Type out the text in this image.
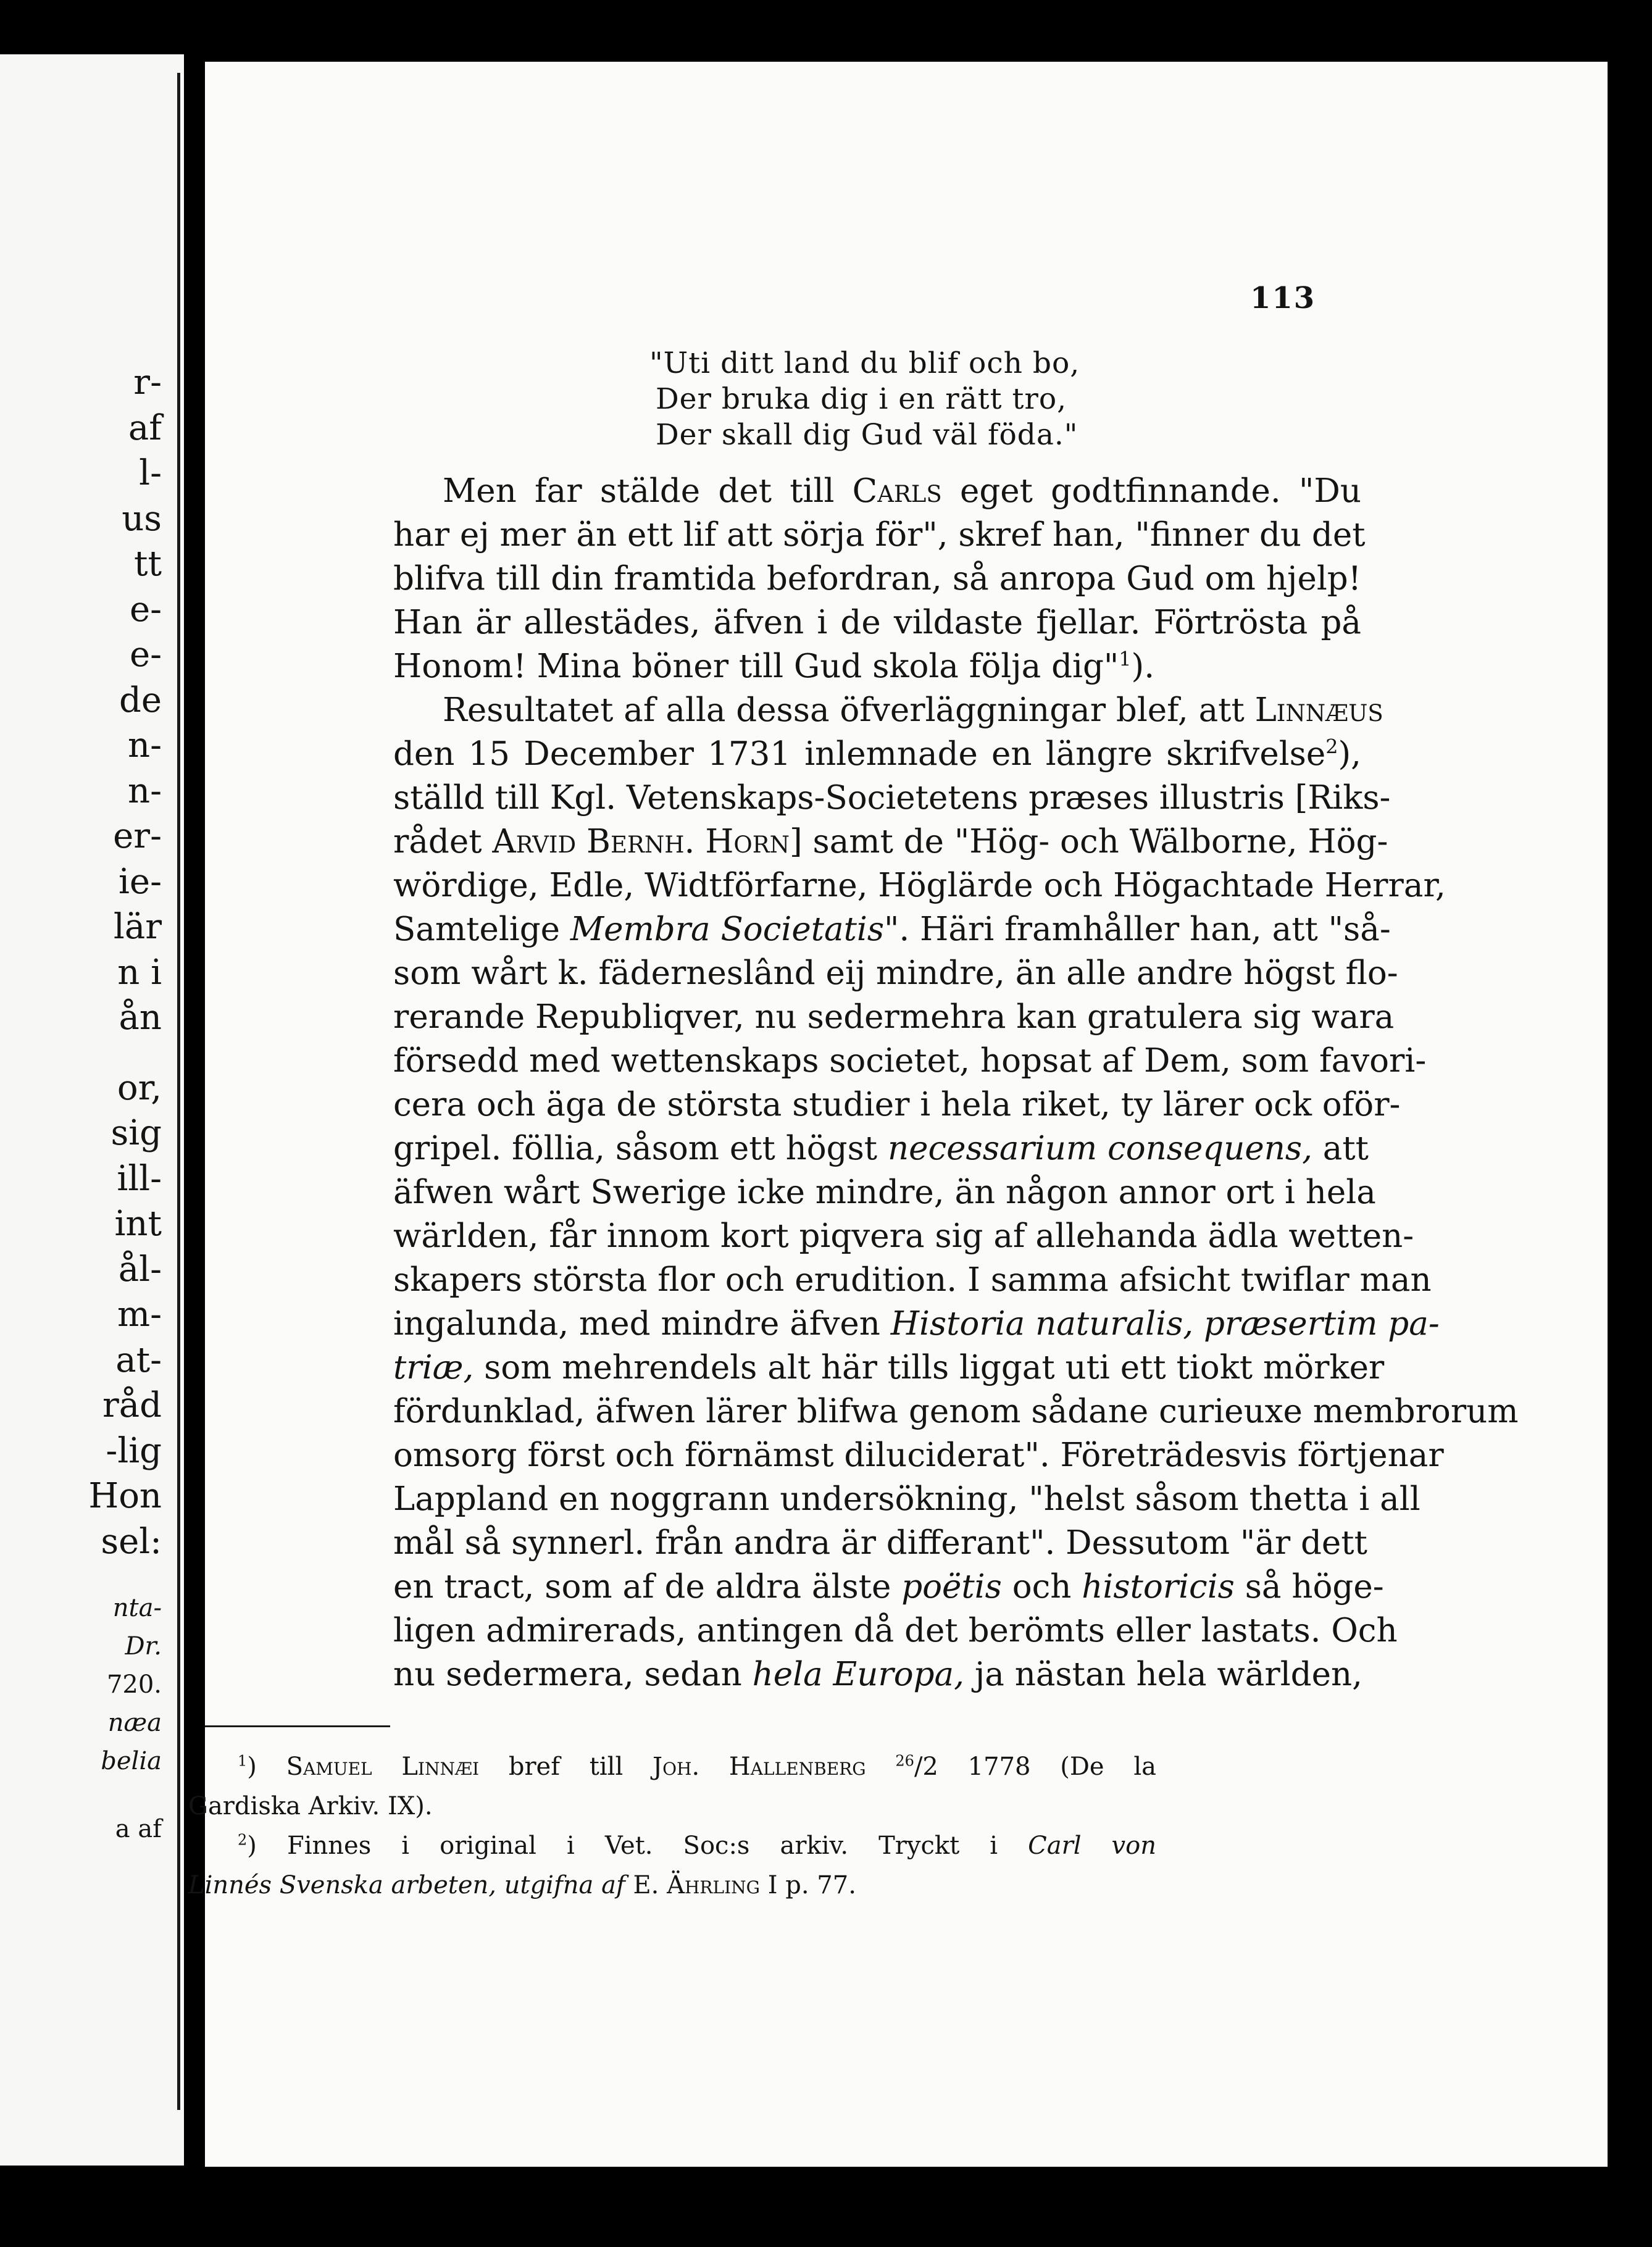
r-
af
l-
us
tt
e-
e-
de
n-
n-
er-
ie-
lär
n i
ån
or,
sig
ill-
int
ål-
m-
at-
råd
-lig
Hon
sel:
nta-
Dr.
720.
næa
belia
a af
113
"Uti ditt land du blif och bo,
Der bruka dig i en rätt tro,
Der skall dig Gud väl föda."
Men far stälde det till Carls eget godtfinnande. "Du
har ej mer än ett lif att sörja för", skref han, "finner du det
blifva till din framtida befordran, så anropa Gud om hjelp!
Han är allestädes, äfven i de vildaste fjellar. Förtrösta på
Honom! Mina böner till Gud skola följa dig"$^1$).
Resultatet af alla dessa öfverläggningar blef, att Linnæus
den 15 December 1731 inlemnade en längre skrifvelse$^2$),
ställd till Kgl. Vetenskaps-Societetens præses illustris [Riks-
rådet Arvid Bernh. Horn] samt de "Hög- och Wälborne, Hög-
wördige, Edle, Widtförfarne, Höglärde och Högachtade Herrar,
Samtelige Membra Societatis". Häri framhåller han, att "så-
som wårt k. fäderneslând eij mindre, än alle andre högst flo-
rerande Republiqver, nu sedermehra kan gratulera sig wara
försedd med wettenskaps societet, hopsat af Dem, som favori-
cera och äga de största studier i hela riket, ty lärer ock oför-
gripel. föllia, såsom ett högst necessarium consequens, att
äfwen wårt Swerige icke mindre, än någon annor ort i hela
wärlden, får innom kort piqvera sig af allehanda ädla wetten-
skapers största flor och erudition. I samma afsicht twiflar man
ingalunda, med mindre äfven Historia naturalis, præsertim pa-
triæ, som mehrendels alt här tills liggat uti ett tiokt mörker
fördunklad, äfwen lärer blifwa genom sådane curieuxe membrorum
omsorg först och förnämst diluciderat". Företrädesvis förtjenar
Lappland en noggrann undersökning, "helst såsom thetta i all
mål så synnerl. från andra är differant". Dessutom "är dett
en tract, som af de aldra älste poëtis och historicis så höge-
ligen admirerads, antingen då det berömts eller lastats. Och
nu sedermera, sedan hela Europa, ja nästan hela wärlden,
$^1$) Samuel Linnæi bref till Joh. Hallenberg $^{26}$/2 1778 (De la
Gardiska Arkiv. IX).
$^2$) Finnes i original i Vet. Soc:s arkiv. Tryckt i Carl von
Linnés Svenska arbeten, utgifna af E. Ährling I p. 77.
